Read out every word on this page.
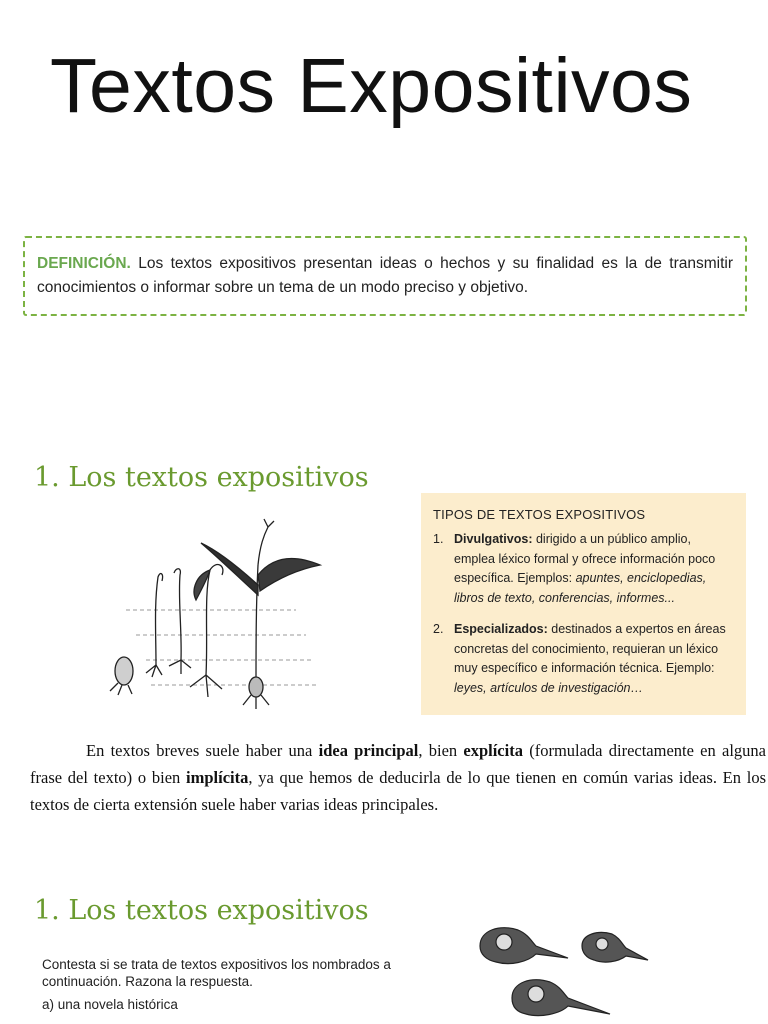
Textos Expositivos
DEFINICIÓN. Los textos expositivos presentan ideas o hechos y su finalidad es la de transmitir conocimientos o informar sobre un tema de un modo preciso y objetivo.
1. Los textos expositivos
TIPOS DE TEXTOS EXPOSITIVOS
1. Divulgativos: dirigido a un público amplio, emplea léxico formal y ofrece información poco específica. Ejemplos: apuntes, enciclopedias, libros de texto, conferencias, informes...
2. Especializados: destinados a expertos en áreas concretas del conocimiento, requieran un léxico muy específico e información técnica. Ejemplo: leyes, artículos de investigación…
En textos breves suele haber una idea principal, bien explícita (formulada directamente en alguna frase del texto) o bien implícita, ya que hemos de deducirla de lo que tienen en común varias ideas. En los textos de cierta extensión suele haber varias ideas principales.
1. Los textos expositivos

Contesta si se trata de textos expositivos los nombrados a continuación. Razona la respuesta.

a) una novela histórica
